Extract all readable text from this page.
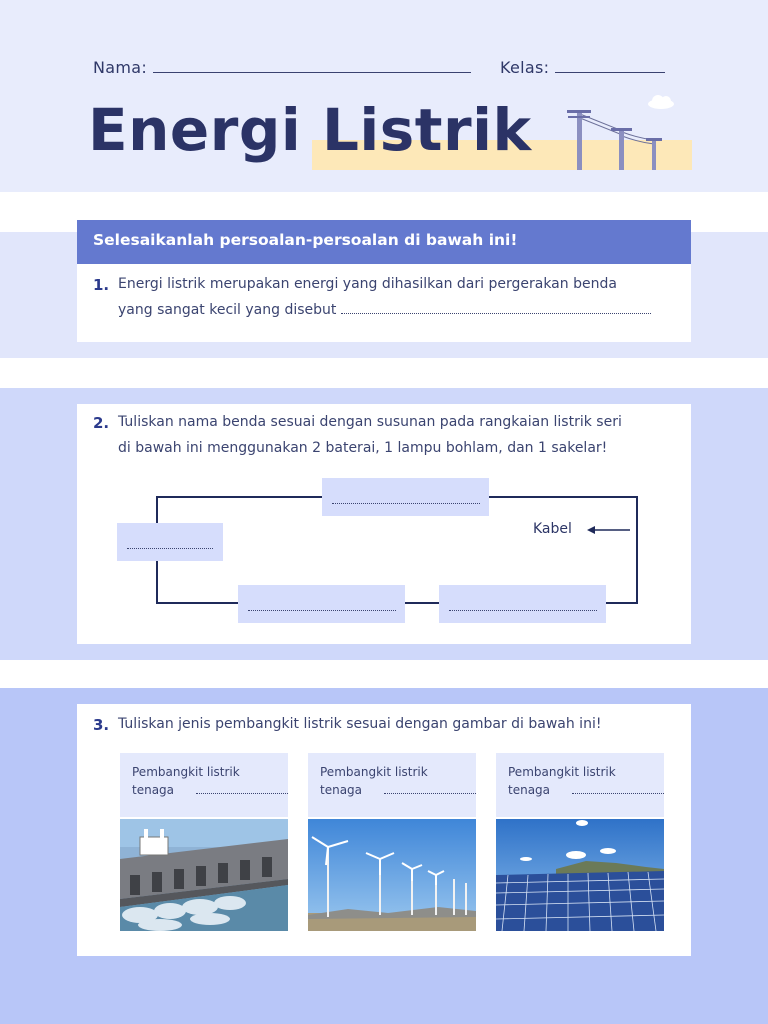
Nama:	Kelas:
Energi Listrik
Selesaikanlah persoalan-persoalan di bawah ini!
1. Energi listrik merupakan energi yang dihasilkan dari pergerakan benda
yang sangat kecil yang disebut
2. Tuliskan nama benda sesuai dengan susunan pada rangkaian listrik seri
di bawah ini menggunakan 2 baterai, 1 lampu bohlam, dan 1 sakelar!
Kabel
3. Tuliskan jenis pembangkit listrik sesuai dengan gambar di bawah ini!
Pembangkit listrik
tenaga
Pembangkit listrik
tenaga
Pembangkit listrik
tenaga
